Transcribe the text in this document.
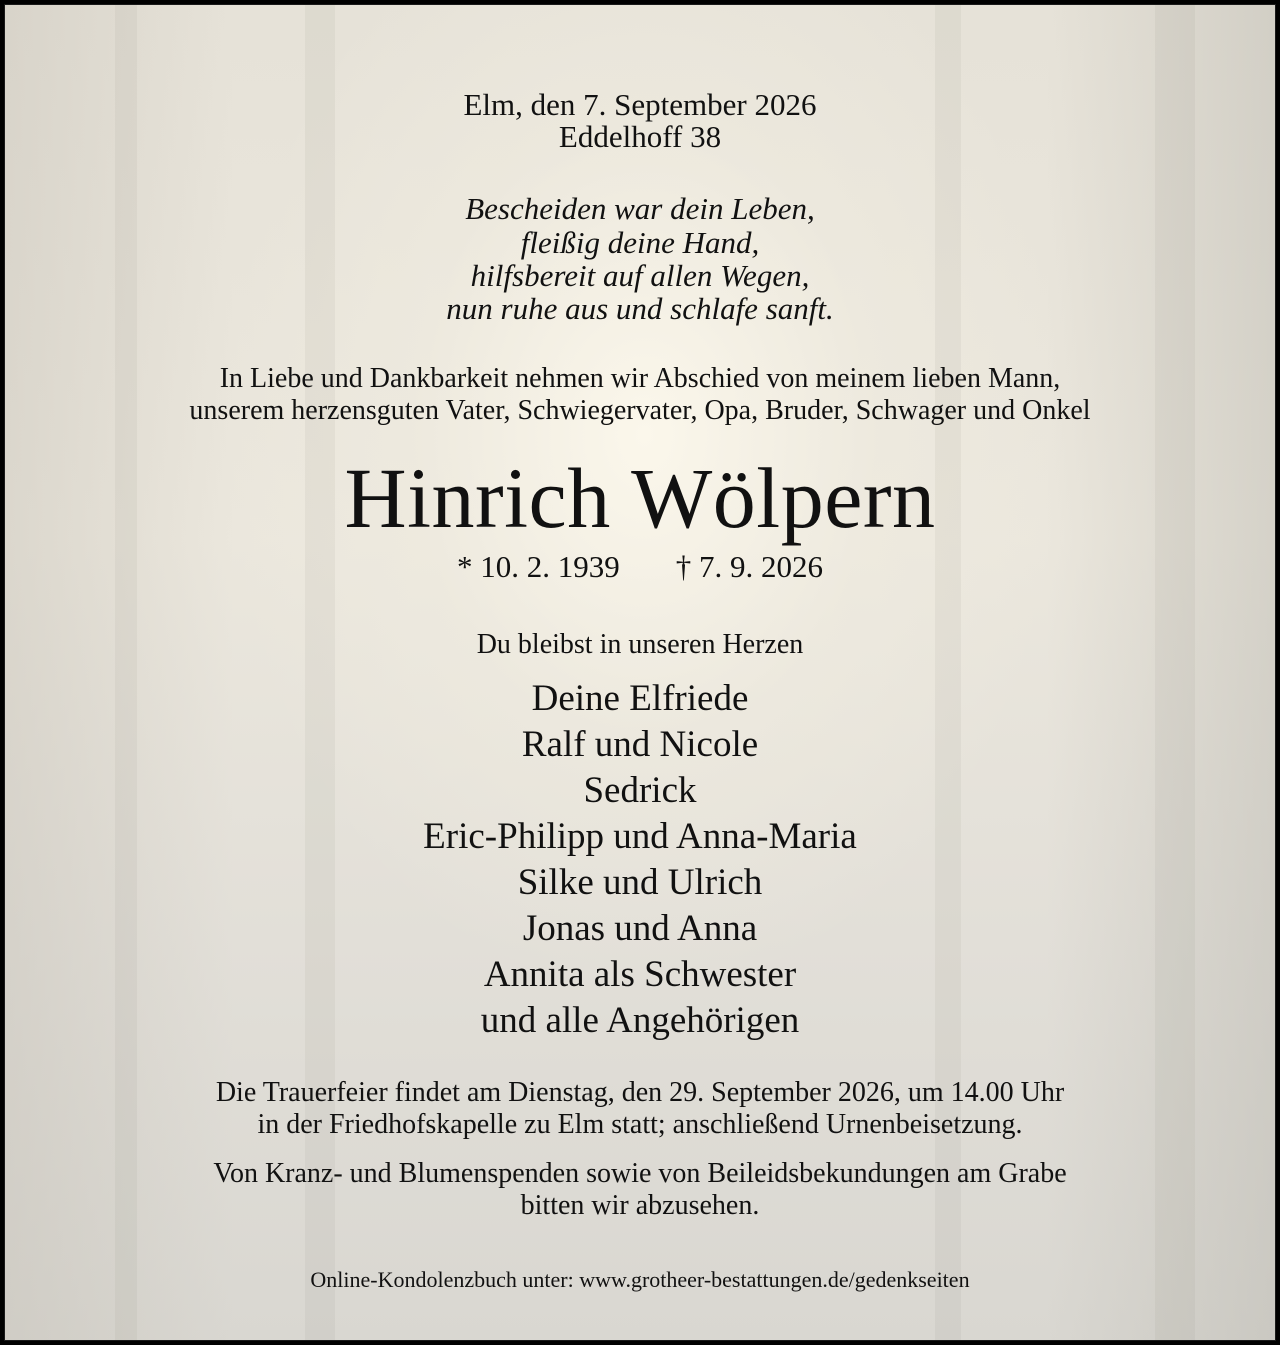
Elm, den 7. September 2026
Eddelhoff 38
Bescheiden war dein Leben,
fleißig deine Hand,
hilfsbereit auf allen Wegen,
nun ruhe aus und schlafe sanft.
In Liebe und Dankbarkeit nehmen wir Abschied von meinem lieben Mann,
unserem herzensguten Vater, Schwiegervater, Opa, Bruder, Schwager und Onkel
Hinrich Wölpern
* 10. 2. 1939 † 7. 9. 2026
Du bleibst in unseren Herzen
Deine Elfriede
Ralf und Nicole
Sedrick
Eric-Philipp und Anna-Maria
Silke und Ulrich
Jonas und Anna
Annita als Schwester
und alle Angehörigen
Die Trauerfeier findet am Dienstag, den 29. September 2026, um 14.00 Uhr
in der Friedhofskapelle zu Elm statt; anschließend Urnenbeisetzung.
Von Kranz- und Blumenspenden sowie von Beileidsbekundungen am Grabe
bitten wir abzusehen.
Online-Kondolenzbuch unter: www.grotheer-bestattungen.de/gedenkseiten
